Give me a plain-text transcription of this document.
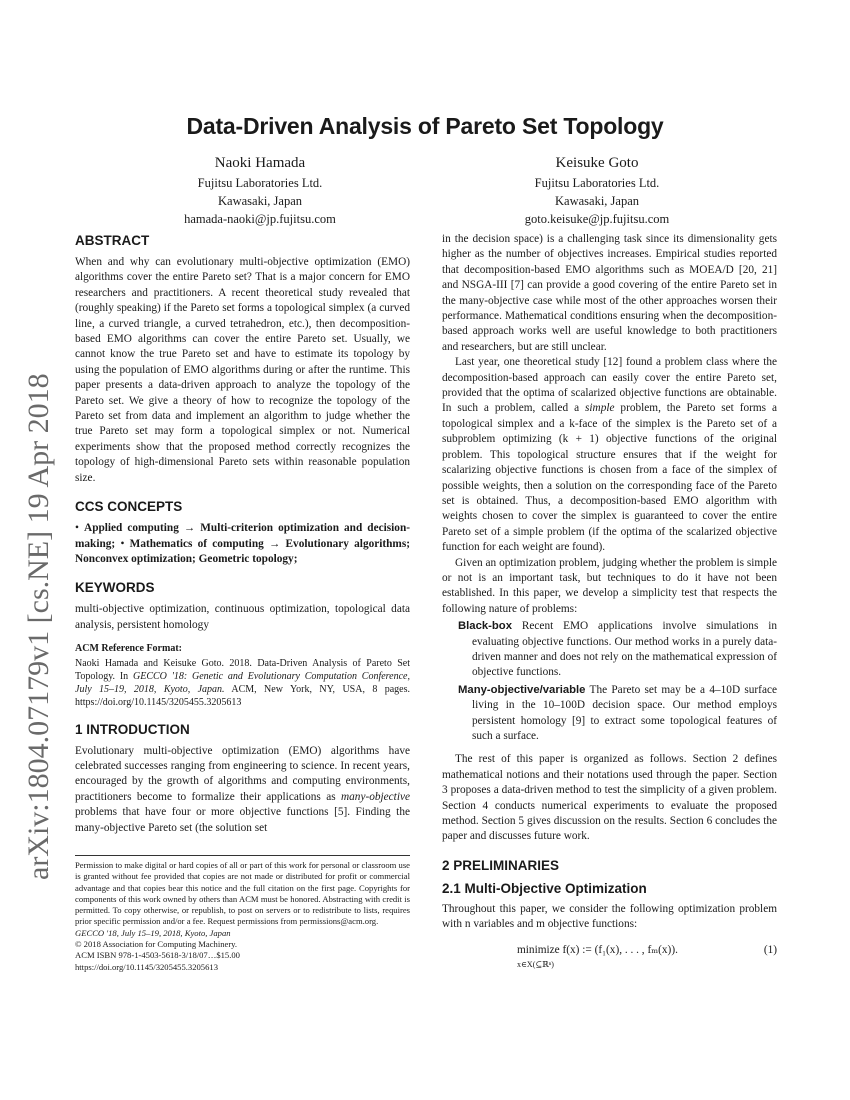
arXiv:1804.07179v1 [cs.NE] 19 Apr 2018
Data-Driven Analysis of Pareto Set Topology
Naoki Hamada
Fujitsu Laboratories Ltd.
Kawasaki, Japan
hamada-naoki@jp.fujitsu.com
Keisuke Goto
Fujitsu Laboratories Ltd.
Kawasaki, Japan
goto.keisuke@jp.fujitsu.com
ABSTRACT

When and why can evolutionary multi-objective optimization (EMO) algorithms cover the entire Pareto set? That is a major concern for EMO researchers and practitioners. A recent theoretical study revealed that (roughly speaking) if the Pareto set forms a topological simplex (a curved line, a curved triangle, a curved tetrahedron, etc.), then decomposition-based EMO algorithms can cover the entire Pareto set. Usually, we cannot know the true Pareto set and have to estimate its topology by using the population of EMO algorithms during or after the runtime. This paper presents a data-driven approach to analyze the topology of the Pareto set. We give a theory of how to recognize the topology of the Pareto set from data and implement an algorithm to judge whether the true Pareto set may form a topological simplex or not. Numerical experiments show that the proposed method correctly recognizes the topology of high-dimensional Pareto sets within reasonable population size.

CCS CONCEPTS

• Applied computing → Multi-criterion optimization and decision-making; • Mathematics of computing → Evolutionary algorithms; Nonconvex optimization; Geometric topology;

KEYWORDS

multi-objective optimization, continuous optimization, topological data analysis, persistent homology

ACM Reference Format:

Naoki Hamada and Keisuke Goto. 2018. Data-Driven Analysis of Pareto Set Topology. In GECCO '18: Genetic and Evolutionary Computation Conference, July 15–19, 2018, Kyoto, Japan. ACM, New York, NY, USA, 8 pages. https://doi.org/10.1145/3205455.3205613

1 INTRODUCTION

Evolutionary multi-objective optimization (EMO) algorithms have celebrated successes ranging from engineering to science. In recent years, encouraged by the growth of algorithms and computing environments, practitioners become to formalize their applications as many-objective problems that have four or more objective functions [5]. Finding the many-objective Pareto set (the solution set

Permission to make digital or hard copies of all or part of this work for personal or classroom use is granted without fee provided that copies are not made or distributed for profit or commercial advantage and that copies bear this notice and the full citation on the first page. Copyrights for components of this work owned by others than ACM must be honored. Abstracting with credit is permitted. To copy otherwise, or republish, to post on servers or to redistribute to lists, requires prior specific permission and/or a fee. Request permissions from permissions@acm.org.

GECCO '18, July 15–19, 2018, Kyoto, Japan

© 2018 Association for Computing Machinery.

ACM ISBN 978-1-4503-5618-3/18/07…$15.00

https://doi.org/10.1145/3205455.3205613

in the decision space) is a challenging task since its dimensionality gets higher as the number of objectives increases. Empirical studies reported that decomposition-based EMO algorithms such as MOEA/D [20, 21] and NSGA-III [7] can provide a good covering of the entire Pareto set in the many-objective case while most of the other approaches worsen their performance. Mathematical conditions ensuring when the decomposition-based approach works well are useful knowledge to both practitioners and researchers, but are still unclear.

Last year, one theoretical study [12] found a problem class where the decomposition-based approach can easily cover the entire Pareto set, provided that the optima of scalarized objective functions are obtainable. In such a problem, called a simple problem, the Pareto set forms a topological simplex and a k-face of the simplex is the Pareto set of a subproblem optimizing (k + 1) objective functions of the original problem. This topological structure ensures that if the weight for scalarizing objective functions is chosen from a face of the simplex of possible weights, then a solution on the corresponding face of the Pareto set is obtained. Thus, a decomposition-based EMO algorithm with weights chosen to cover the simplex is guaranteed to cover the entire Pareto set of a simple problem (if the optima of the scalarized objective function for each weight are found).

Given an optimization problem, judging whether the problem is simple or not is an important task, but techniques to do it have not been established. In this paper, we develop a simplicity test that respects the following nature of problems:

Black-box Recent EMO applications involve simulations in evaluating objective functions. Our method works in a purely data-driven manner and does not rely on the mathematical expression of objective functions.
Many-objective/variable The Pareto set may be a 4–10D surface living in the 10–100D decision space. Our method employs persistent homology [9] to extract some topological features of such a surface.

The rest of this paper is organized as follows. Section 2 defines mathematical notions and their notations used through the paper. Section 3 proposes a data-driven method to test the simplicity of a given problem. Section 4 conducts numerical experiments to evaluate the proposed method. Section 5 gives discussion on the results. Section 6 concludes the paper and discusses future work.

2 PRELIMINARIES
2.1 Multi-Objective Optimization

Throughout this paper, we consider the following optimization problem with n variables and m objective functions:

minimize f(x) := (f₁(x), . . . , fₘ(x)).
x∈X(⊆ℝⁿ)
(1)
